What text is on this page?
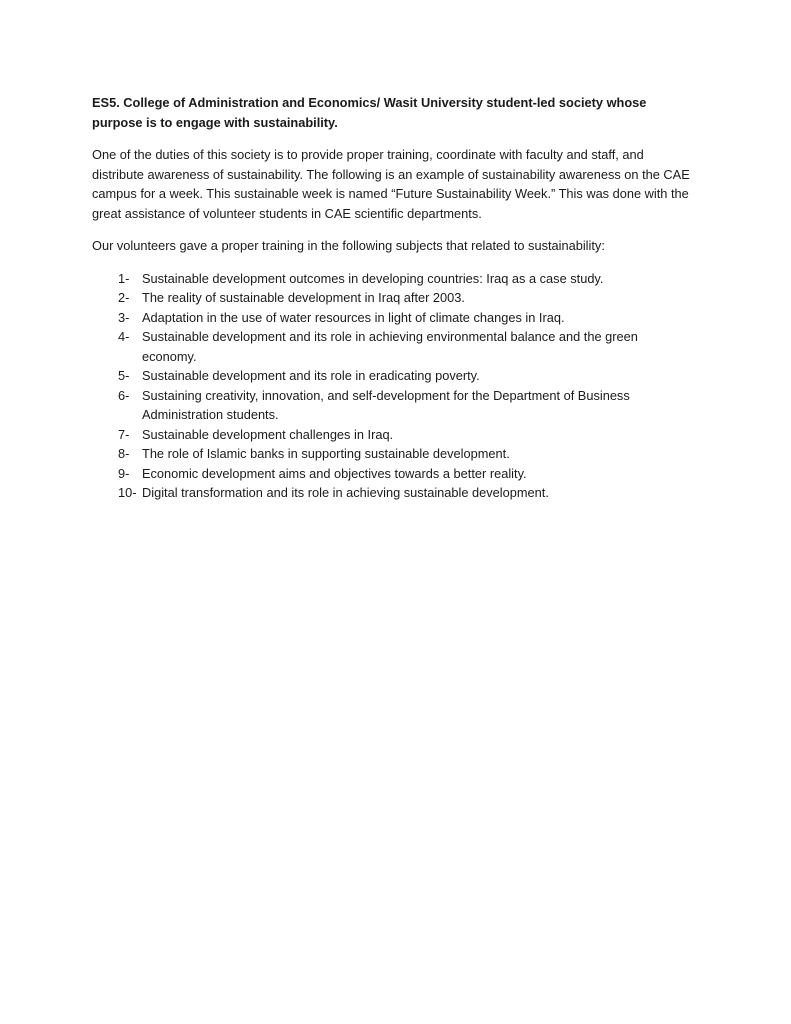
ES5. College of Administration and Economics/ Wasit University student-led society whose purpose is to engage with sustainability.

One of the duties of this society is to provide proper training, coordinate with faculty and staff, and distribute awareness of sustainability. The following is an example of sustainability awareness on the CAE campus for a week. This sustainable week is named “Future Sustainability Week.” This was done with the great assistance of volunteer students in CAE scientific departments.

Our volunteers gave a proper training in the following subjects that related to sustainability:

1- Sustainable development outcomes in developing countries: Iraq as a case study.
2- The reality of sustainable development in Iraq after 2003.
3- Adaptation in the use of water resources in light of climate changes in Iraq.
4- Sustainable development and its role in achieving environmental balance and the green economy.
5- Sustainable development and its role in eradicating poverty.
6- Sustaining creativity, innovation, and self-development for the Department of Business Administration students.
7- Sustainable development challenges in Iraq.
8- The role of Islamic banks in supporting sustainable development.
9- Economic development aims and objectives towards a better reality.
10- Digital transformation and its role in achieving sustainable development.
